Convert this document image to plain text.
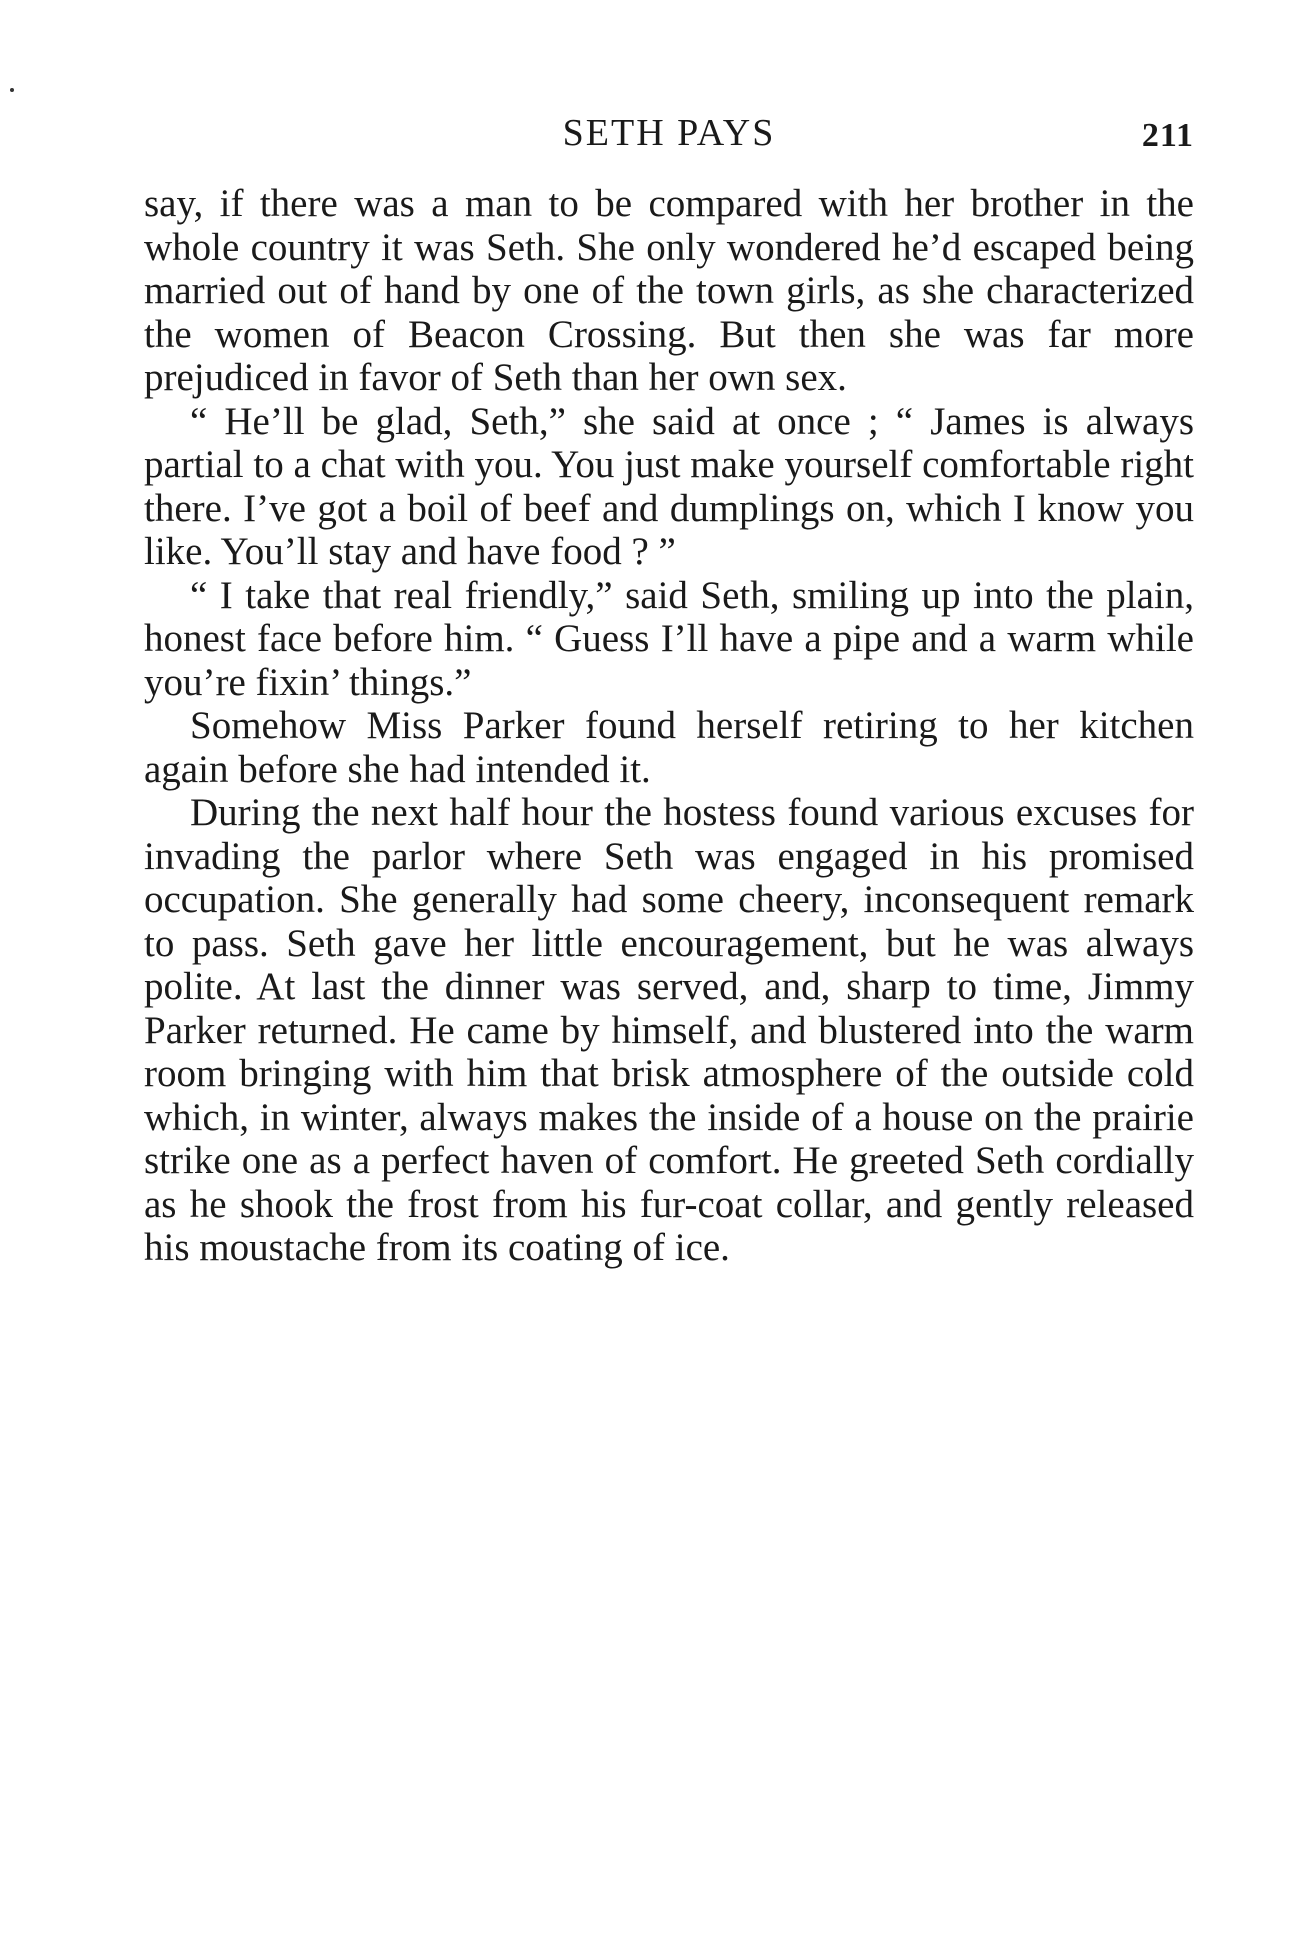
SETH PAYS	211

say, if there was a man to be compared with her brother in the whole country it was Seth. She only wondered he’d escaped being married out of hand by one of the town girls, as she characterized the women of Beacon Crossing. But then she was far more prejudiced in favor of Seth than her own sex.

“ He’ll be glad, Seth,” she said at once ; “ James is always partial to a chat with you. You just make yourself comfortable right there. I’ve got a boil of beef and dumplings on, which I know you like. You’ll stay and have food ? ”

“ I take that real friendly,” said Seth, smiling up into the plain, honest face before him. “ Guess I’ll have a pipe and a warm while you’re fixin’ things.”

Somehow Miss Parker found herself retiring to her kitchen again before she had intended it.

During the next half hour the hostess found various excuses for invading the parlor where Seth was engaged in his promised occupation. She generally had some cheery, inconsequent remark to pass. Seth gave her little encouragement, but he was always polite. At last the dinner was served, and, sharp to time, Jimmy Parker returned. He came by himself, and blustered into the warm room bringing with him that brisk atmosphere of the outside cold which, in winter, always makes the inside of a house on the prairie strike one as a perfect haven of comfort. He greeted Seth cordially as he shook the frost from his fur-coat collar, and gently released his moustache from its coating of ice.
